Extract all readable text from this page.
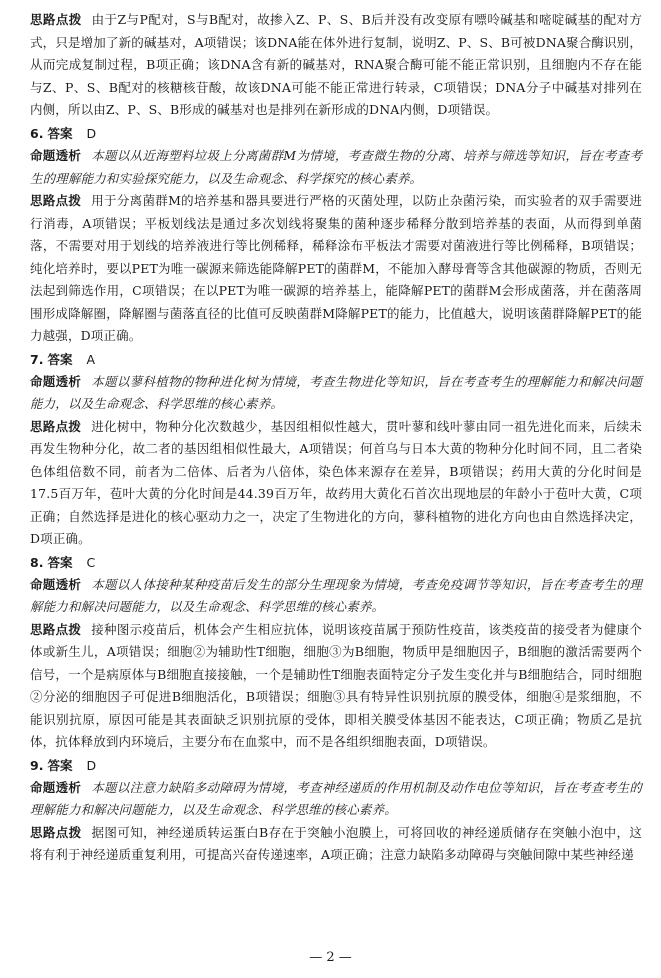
思路点拨 由于Z与P配对，S与B配对，故掺入Z、P、S、B后并没有改变原有嘌呤碱基和嘧啶碱基的配对方式，只是增加了新的碱基对，A项错误；该DNA能在体外进行复制，说明Z、P、S、B可被DNA聚合酶识别，从而完成复制过程，B项正确；该DNA含有新的碱基对，RNA聚合酶可能不能正常识别，且细胞内不存在能与Z、P、S、B配对的核糖核苷酸，故该DNA可能不能正常进行转录，C项错误；DNA分子中碱基对排列在内侧，所以由Z、P、S、B形成的碱基对也是排列在新形成的DNA内侧，D项错误。

6. 答案 D

命题透析 本题以从近海塑料垃圾上分离菌群M为情境，考查微生物的分离、培养与筛选等知识，旨在考查考生的理解能力和实验探究能力，以及生命观念、科学探究的核心素养。

思路点拨 用于分离菌群M的培养基和器具要进行严格的灭菌处理，以防止杂菌污染，而实验者的双手需要进行消毒，A项错误；平板划线法是通过多次划线将聚集的菌种逐步稀释分散到培养基的表面，从而得到单菌落，不需要对用于划线的培养液进行等比例稀释，稀释涂布平板法才需要对菌液进行等比例稀释，B项错误；纯化培养时，要以PET为唯一碳源来筛选能降解PET的菌群M，不能加入酵母膏等含其他碳源的物质，否则无法起到筛选作用，C项错误；在以PET为唯一碳源的培养基上，能降解PET的菌群M会形成菌落，并在菌落周围形成降解圈，降解圈与菌落直径的比值可反映菌群M降解PET的能力，比值越大，说明该菌群降解PET的能力越强，D项正确。

7. 答案 A

命题透析 本题以蓼科植物的物种进化树为情境，考查生物进化等知识，旨在考查考生的理解能力和解决问题能力，以及生命观念、科学思维的核心素养。

思路点拨 进化树中，物种分化次数越少，基因组相似性越大，贯叶蓼和线叶蓼由同一祖先进化而来，后续未再发生物种分化，故二者的基因组相似性最大，A项错误；何首乌与日本大黄的物种分化时间不同，且二者染色体组倍数不同，前者为二倍体、后者为八倍体，染色体来源存在差异，B项错误；药用大黄的分化时间是17.5百万年，苞叶大黄的分化时间是44.39百万年，故药用大黄化石首次出现地层的年龄小于苞叶大黄，C项正确；自然选择是进化的核心驱动力之一，决定了生物进化的方向，蓼科植物的进化方向也由自然选择决定，D项正确。

8. 答案 C

命题透析 本题以人体接种某种疫苗后发生的部分生理现象为情境，考查免疫调节等知识，旨在考查考生的理解能力和解决问题能力，以及生命观念、科学思维的核心素养。

思路点拨 接种图示疫苗后，机体会产生相应抗体，说明该疫苗属于预防性疫苗，该类疫苗的接受者为健康个体或新生儿，A项错误；细胞②为辅助性T细胞，细胞③为B细胞，物质甲是细胞因子，B细胞的激活需要两个信号，一个是病原体与B细胞直接接触，一个是辅助性T细胞表面特定分子发生变化并与B细胞结合，同时细胞②分泌的细胞因子可促进B细胞活化，B项错误；细胞③具有特异性识别抗原的膜受体，细胞④是浆细胞，不能识别抗原，原因可能是其表面缺乏识别抗原的受体，即相关膜受体基因不能表达，C项正确；物质乙是抗体，抗体释放到内环境后，主要分布在血浆中，而不是各组织细胞表面，D项错误。

9. 答案 D

命题透析 本题以注意力缺陷多动障碍为情境，考查神经递质的作用机制及动作电位等知识，旨在考查考生的理解能力和解决问题能力，以及生命观念、科学思维的核心素养。

思路点拨 据图可知，神经递质转运蛋白B存在于突触小泡膜上，可将回收的神经递质储存在突触小泡中，这将有利于神经递质重复利用，可提高兴奋传递速率，A项正确；注意力缺陷多动障碍与突触间隙中某些神经递

— 2 —
